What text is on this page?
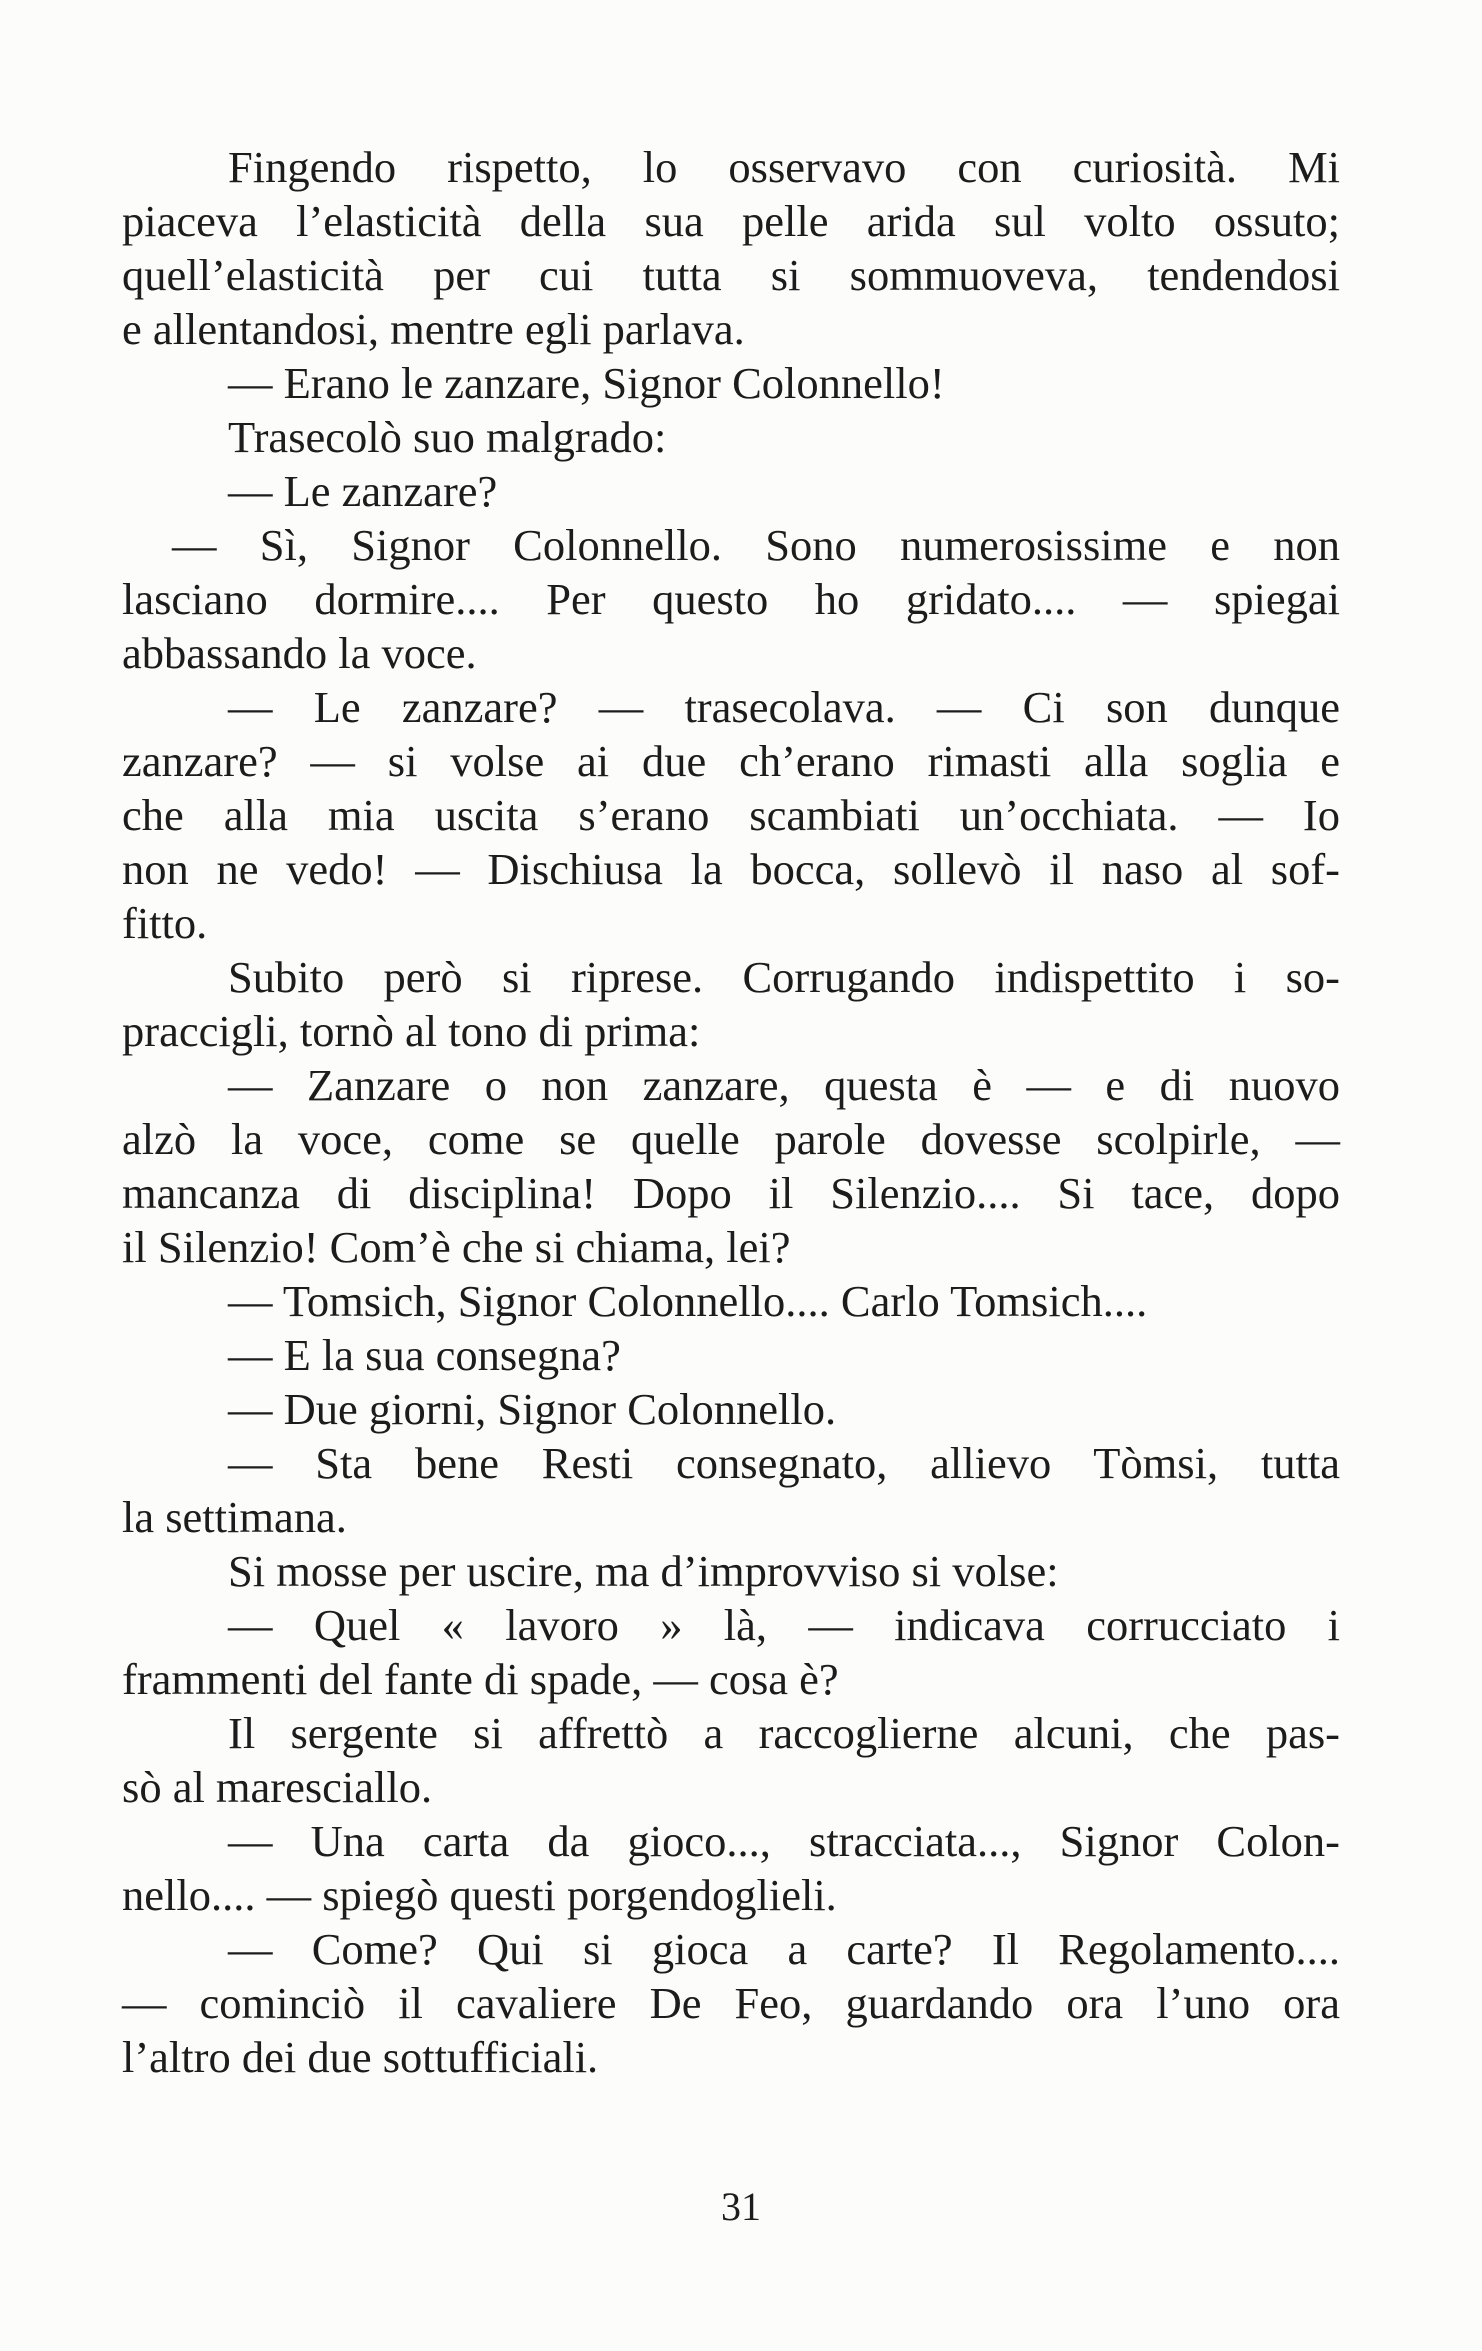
Fingendo rispetto, lo osservavo con curiosità. Mi
piaceva l’elasticità della sua pelle arida sul volto ossuto;
quell’elasticità per cui tutta si sommuoveva, tendendosi
e allentandosi, mentre egli parlava.
— Erano le zanzare, Signor Colonnello!
Trasecolò suo malgrado:
— Le zanzare?
— Sì, Signor Colonnello. Sono numerosissime e non
lasciano dormire.... Per questo ho gridato.... — spiegai
abbassando la voce.
— Le zanzare? — trasecolava. — Ci son dunque
zanzare? — si volse ai due ch’erano rimasti alla soglia e
che alla mia uscita s’erano scambiati un’occhiata. — Io
non ne vedo! — Dischiusa la bocca, sollevò il naso al sof-
fitto.
Subito però si riprese. Corrugando indispettito i so-
praccigli, tornò al tono di prima:
— Zanzare o non zanzare, questa è — e di nuovo
alzò la voce, come se quelle parole dovesse scolpirle, —
mancanza di disciplina! Dopo il Silenzio.... Si tace, dopo
il Silenzio! Com’è che si chiama, lei?
— Tomsich, Signor Colonnello.... Carlo Tomsich....
— E la sua consegna?
— Due giorni, Signor Colonnello.
— Sta bene Resti consegnato, allievo Tòmsi, tutta
la settimana.
Si mosse per uscire, ma d’improvviso si volse:
— Quel « lavoro » là, — indicava corrucciato i
frammenti del fante di spade, — cosa è?
Il sergente si affrettò a raccoglierne alcuni, che pas-
sò al maresciallo.
— Una carta da gioco..., stracciata..., Signor Colon-
nello.... — spiegò questi porgendoglieli.
— Come? Qui si gioca a carte? Il Regolamento....
— cominciò il cavaliere De Feo, guardando ora l’uno ora
l’altro dei due sottufficiali.
31
